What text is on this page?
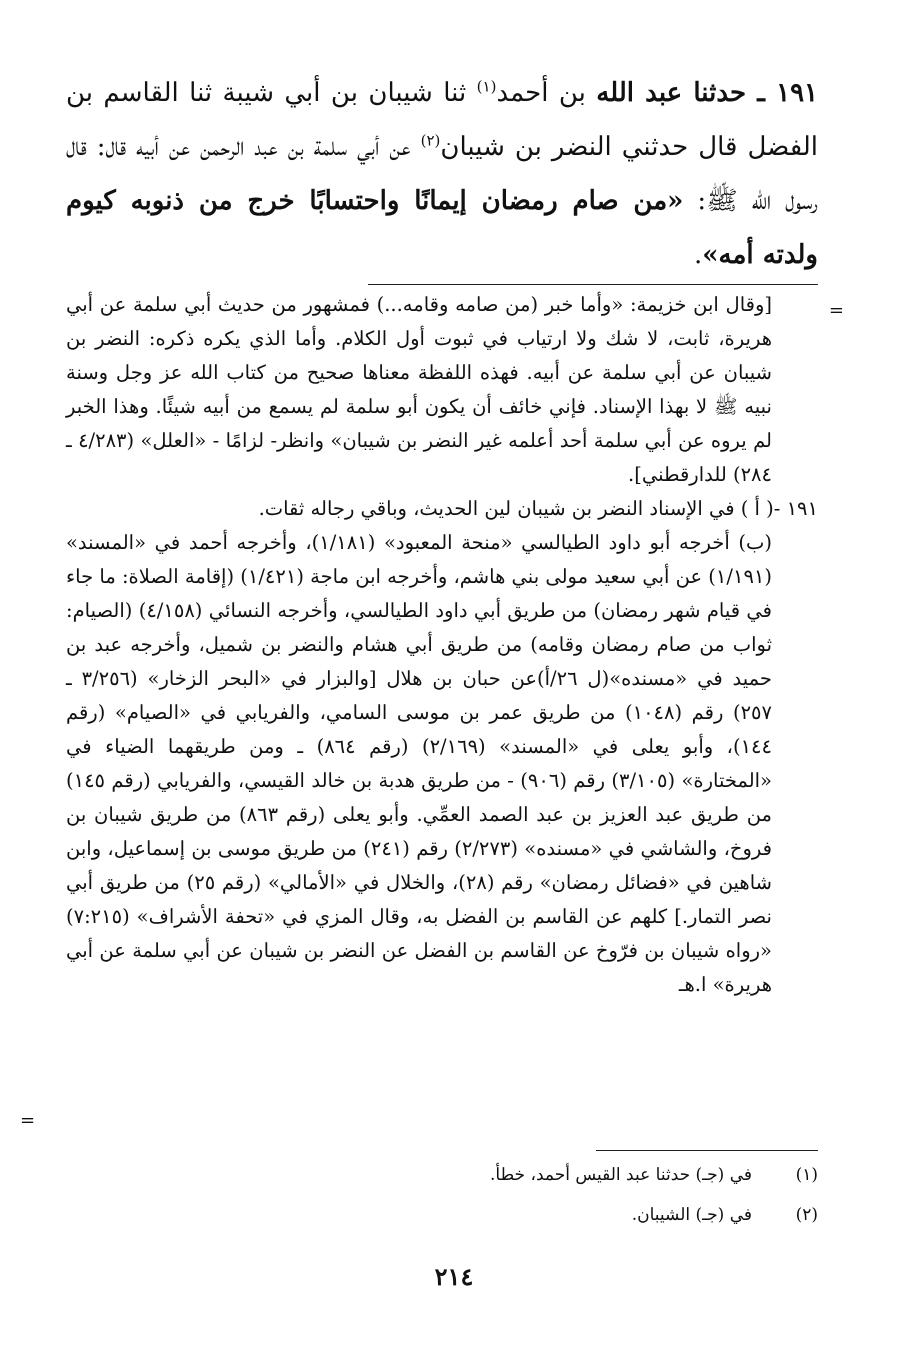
١٩١ ـ حدثنا عبد الله بن أحمد$^{(١)}$ ثنا شيبان بن أبي شيبة ثنا القاسم بن الفضل قال حدثني النضر بن شيبان$^{(٢)}$ عن أبي سلمة بن عبد الرحمن عن أبيه قال: قال رسول الله ﷺ: «من صام رمضان إيمانًا واحتسابًا خرج من ذنوبه كيوم ولدته أمه».

=

[وقال ابن خزيمة: «وأما خبر (من صامه وقامه...) فمشهور من حديث أبي سلمة عن أبي هريرة، ثابت، لا شك ولا ارتياب في ثبوت أول الكلام. وأما الذي يكره ذكره: النضر بن شيبان عن أبي سلمة عن أبيه. فهذه اللفظة معناها صحيح من كتاب الله عز وجل وسنة نبيه ﷺ لا بهذا الإسناد. فإني خائف أن يكون أبو سلمة لم يسمع من أبيه شيئًا. وهذا الخبر لم يروه عن أبي سلمة أحد أعلمه غير النضر بن شيبان» وانظر- لزامًا - «العلل» (٤/٢٨٣ ـ ٢٨٤) للدارقطني].

١٩١ -( أ ) في الإسناد النضر بن شيبان لين الحديث، وباقي رجاله ثقات.

(ب) أخرجه أبو داود الطيالسي «منحة المعبود» (١/١٨١)، وأخرجه أحمد في «المسند» (١/١٩١) عن أبي سعيد مولى بني هاشم، وأخرجه ابن ماجة (١/٤٢١) (إقامة الصلاة: ما جاء في قيام شهر رمضان) من طريق أبي داود الطيالسي، وأخرجه النسائي (٤/١٥٨) (الصيام: ثواب من صام رمضان وقامه) من طريق أبي هشام والنضر بن شميل، وأخرجه عبد بن حميد في «مسنده»(ل ٢٦/أ)عن حبان بن هلال [والبزار في «البحر الزخار» (٣/٢٥٦ ـ ٢٥٧) رقم (١٠٤٨) من طريق عمر بن موسى السامي، والفريابي في «الصيام» (رقم ١٤٤)، وأبو يعلى في «المسند» (٢/١٦٩) (رقم ٨٦٤) ـ ومن طريقهما الضياء في «المختارة» (٣/١٠٥) رقم (٩٠٦) - من طريق هدبة بن خالد القيسي، والفريابي (رقم ١٤٥) من طريق عبد العزيز بن عبد الصمد العمِّي. وأبو يعلى (رقم ٨٦٣) من طريق شيبان بن فروخ، والشاشي في «مسنده» (٢/٢٧٣) رقم (٢٤١) من طريق موسى بن إسماعيل، وابن شاهين في «فضائل رمضان» رقم (٢٨)، والخلال في «الأمالي» (رقم ٢٥) من طريق أبي نصر التمار.] كلهم عن القاسم بن الفضل به، وقال المزي في «تحفة الأشراف» (٧:٢١٥) «رواه شيبان بن فرّوخ عن القاسم بن الفضل عن النضر بن شيبان عن أبي سلمة عن أبي هريرة» ا.هـ

=
(١)في (جـ) حدثنا عبد القيس أحمد، خطأ.
(٢)في (جـ) الشيبان.
٢١٤
